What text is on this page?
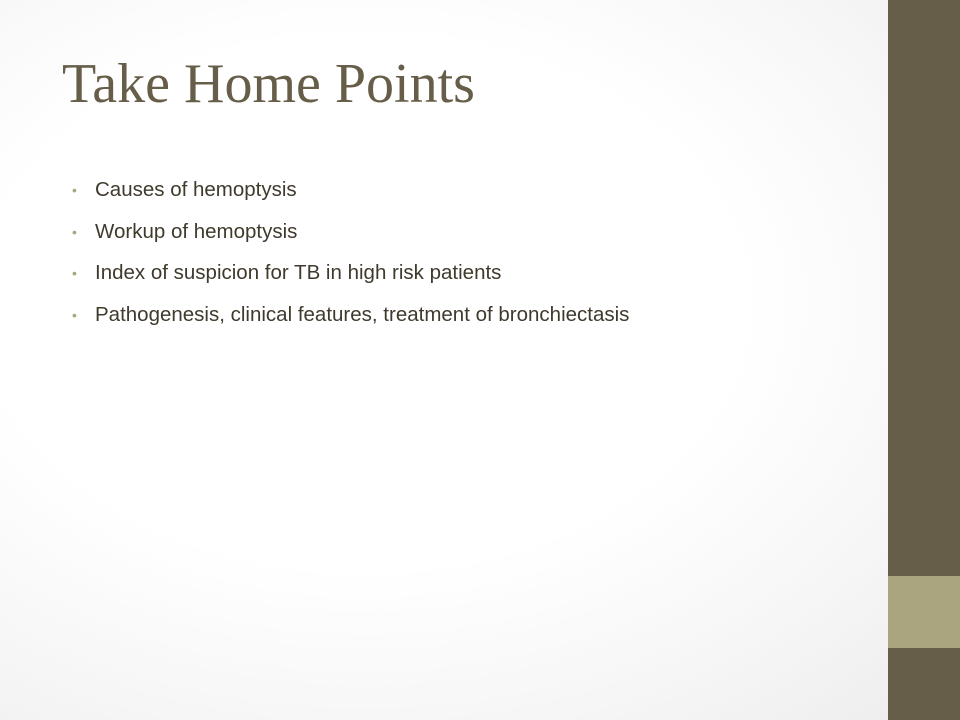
Take Home Points
• Causes of hemoptysis
• Workup of hemoptysis
• Index of suspicion for TB in high risk patients
• Pathogenesis, clinical features, treatment of bronchiectasis
